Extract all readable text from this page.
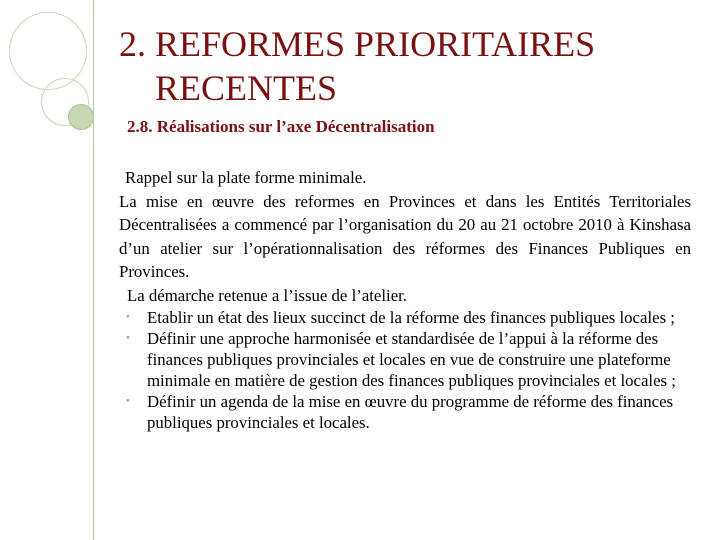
2. REFORMES PRIORITAIRES
RECENTES
2.8. Réalisations sur l’axe Décentralisation

Rappel sur la plate forme minimale.

La mise en œuvre des reformes en Provinces et dans les Entités Territoriales Décentralisées a commencé par l’organisation du 20 au 21 octobre 2010 à Kinshasa d’un atelier sur l’opérationnalisation des réformes des Finances Publiques en Provinces.

La démarche retenue a l’issue de l’atelier.

• Etablir un état des lieux succinct de la réforme des finances publiques locales ;
• Définir une approche harmonisée et standardisée de l’appui à la réforme des finances publiques provinciales et locales en vue de construire une plateforme minimale en matière de gestion des finances publiques provinciales et locales ;
• Définir un agenda de la mise en œuvre du programme de réforme des finances publiques provinciales et locales.
